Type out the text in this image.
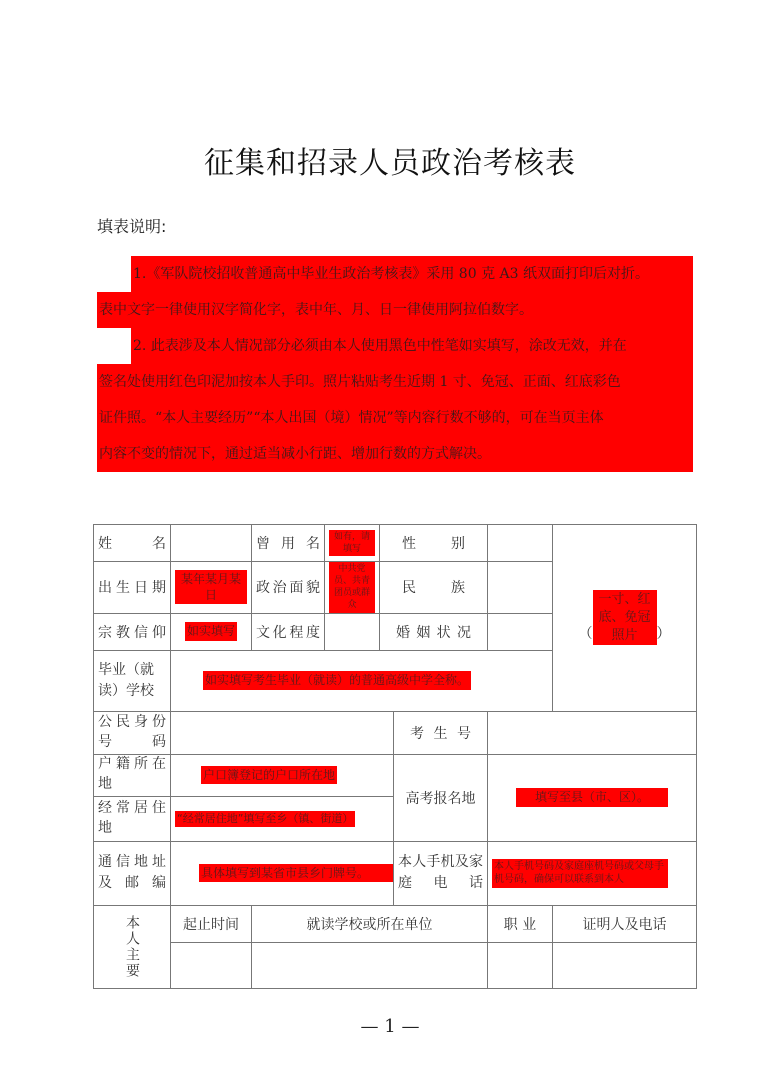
征集和招录人员政治考核表
填表说明:
1.《军队院校招收普通高中毕业生政治考核表》采用 80 克 A3 纸双面打印后对折。
表中文字一律使用汉字简化字，表中年、月、日一律使用阿拉伯数字。
2. 此表涉及本人情况部分必须由本人使用黑色中性笔如实填写，涂改无效，并在
签名处使用红色印泥加按本人手印。照片粘贴考生近期 1 寸、免冠、正面、红底彩色
证件照。“本人主要经历”“本人出国（境）情况”等内容行数不够的，可在当页主体
内容不变的情况下，通过适当减小行距、增加行数的方式解决。
姓 名		曾用名	如有，请填写	性 别			（一寸、红底、免冠照片 ）
出生日期	某年某月某日	政治面貌	中共党员、共青团员或群众	民 族			
宗教信仰	如实填写	文化程度		婚姻状况			
毕业（就读）学校	如实填写考生毕业（就读）的普通高级中学全称。						
公民身份号码					考生号		
户籍所在地	户口簿登记的户口所在地				高考报名地	填写至县（市、区）。	
经常居住地	“经常居住地”填写至乡（镇、街道）						
通信地址及邮编	具体填写到某省市县乡门牌号。				本人手机及家庭电话	本人手机号码及家庭座机号码或父母手机号码，确保可以联系到本人	

本人主要	起止时间	就读学校或所在单位				职 业	证明人及电话

— 1 —
